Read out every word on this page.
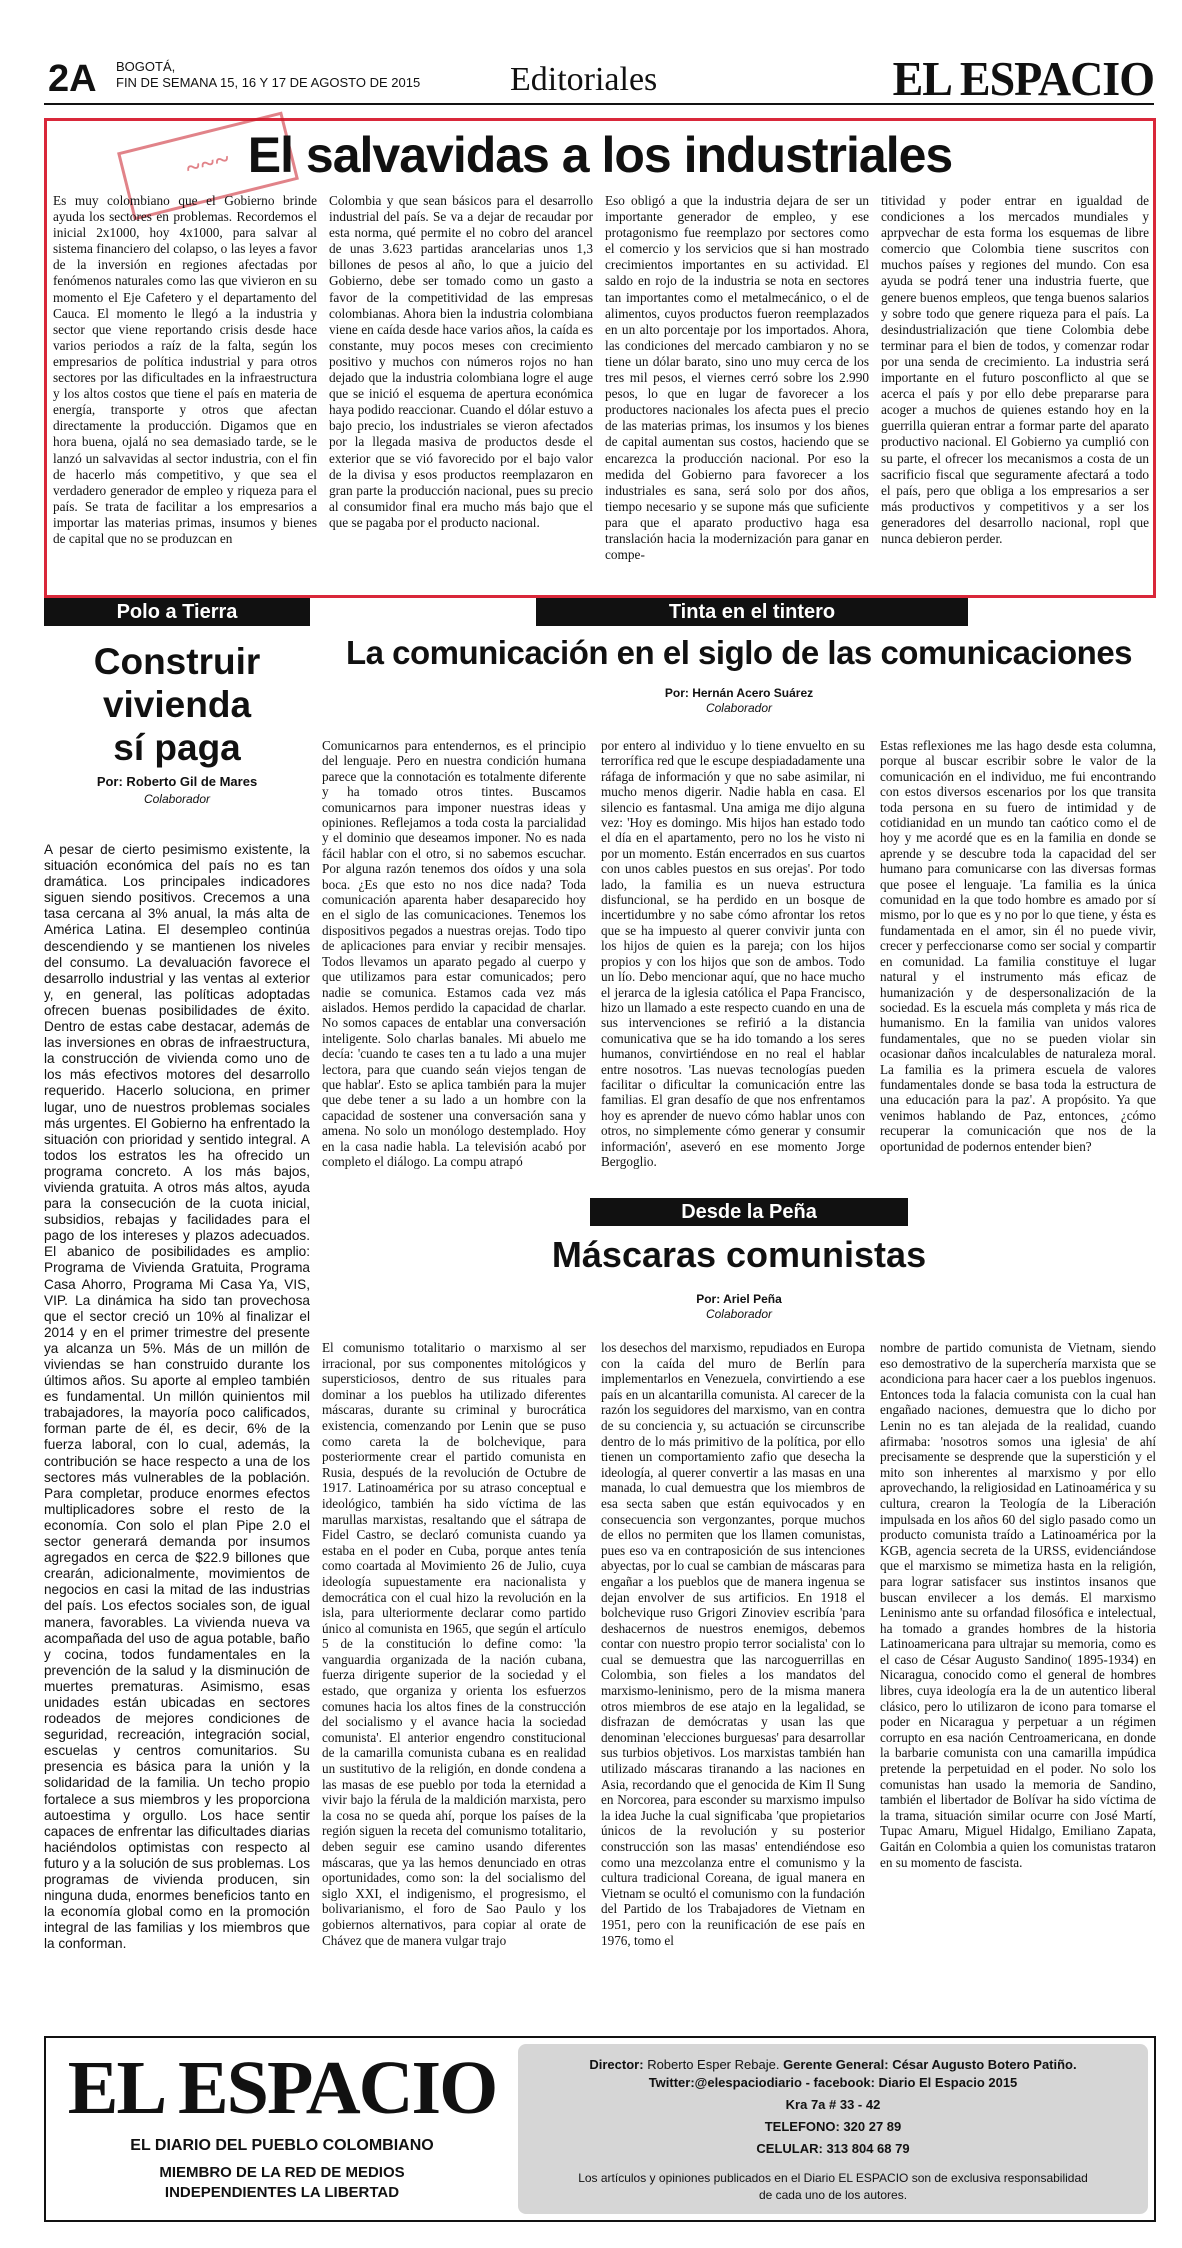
2A BOGOTÁ,
FIN DE SEMANA 15, 16 Y 17 DE AGOSTO DE 2015	Editoriales	EL ESPACIO
~~~ El salvavidas a los industriales
Es muy colombiano que el Gobierno brinde ayuda los sectores en problemas. Recordemos el inicial 2x1000, hoy 4x1000, para salvar al sistema financiero del colapso, o las leyes a favor de la inversión en regiones afectadas por fenómenos naturales como las que vivieron en su momento el Eje Cafetero y el departamento del Cauca. El momento le llegó a la industria y sector que viene reportando crisis desde hace varios periodos a raíz de la falta, según los empresarios de política industrial y para otros sectores por las dificultades en la infraestructura y los altos costos que tiene el país en materia de energía, transporte y otros que afectan directamente la producción. Digamos que en hora buena, ojalá no sea demasiado tarde, se le lanzó un salvavidas al sector industria, con el fin de hacerlo más competitivo, y que sea el verdadero generador de empleo y riqueza para el país. Se trata de facilitar a los empresarios a importar las materias primas, insumos y bienes de capital que no se produzcan en
Colombia y que sean básicos para el desarrollo industrial del país. Se va a dejar de recaudar por esta norma, qué permite el no cobro del arancel de unas 3.623 partidas arancelarias unos 1,3 billones de pesos al año, lo que a juicio del Gobierno, debe ser tomado como un gasto a favor de la competitividad de las empresas colombianas. Ahora bien la industria colombiana viene en caída desde hace varios años, la caída es constante, muy pocos meses con crecimiento positivo y muchos con números rojos no han dejado que la industria colombiana logre el auge que se inició el esquema de apertura económica haya podido reaccionar. Cuando el dólar estuvo a bajo precio, los industriales se vieron afectados por la llegada masiva de productos desde el exterior que se vió favorecido por el bajo valor de la divisa y esos productos reemplazaron en gran parte la producción nacional, pues su precio al consumidor final era mucho más bajo que el que se pagaba por el producto nacional.
Eso obligó a que la industria dejara de ser un importante generador de empleo, y ese protagonismo fue reemplazo por sectores como el comercio y los servicios que si han mostrado crecimientos importantes en su actividad. El saldo en rojo de la industria se nota en sectores tan importantes como el metalmecánico, o el de alimentos, cuyos productos fueron reemplazados en un alto porcentaje por los importados. Ahora, las condiciones del mercado cambiaron y no se tiene un dólar barato, sino uno muy cerca de los tres mil pesos, el viernes cerró sobre los 2.990 pesos, lo que en lugar de favorecer a los productores nacionales los afecta pues el precio de las materias primas, los insumos y los bienes de capital aumentan sus costos, haciendo que se encarezca la producción nacional. Por eso la medida del Gobierno para favorecer a los industriales es sana, será solo por dos años, tiempo necesario y se supone más que suficiente para que el aparato productivo haga esa translación hacia la modernización para ganar en compe-
titividad y poder entrar en igualdad de condiciones a los mercados mundiales y aprpvechar de esta forma los esquemas de libre comercio que Colombia tiene suscritos con muchos países y regiones del mundo. Con esa ayuda se podrá tener una industria fuerte, que genere buenos empleos, que tenga buenos salarios y sobre todo que genere riqueza para el país. La desindustrialización que tiene Colombia debe terminar para el bien de todos, y comenzar rodar por una senda de crecimiento. La industria será importante en el futuro posconflicto al que se acerca el país y por ello debe prepararse para acoger a muchos de quienes estando hoy en la guerrilla quieran entrar a formar parte del aparato productivo nacional. El Gobierno ya cumplió con su parte, el ofrecer los mecanismos a costa de un sacrificio fiscal que seguramente afectará a todo el país, pero que obliga a los empresarios a ser más productivos y competitivos y a ser los generadores del desarrollo nacional, ropl que nunca debieron perder.
Polo a Tierra
Construir
vivienda
sí paga
Por: Roberto Gil de Mares
Colaborador
A pesar de cierto pesimismo existente, la situación económica del país no es tan dramática. Los principales indicadores siguen siendo positivos. Crecemos a una tasa cercana al 3% anual, la más alta de América Latina. El desempleo continúa descendiendo y se mantienen los niveles del consumo. La devaluación favorece el desarrollo industrial y las ventas al exterior y, en general, las políticas adoptadas ofrecen buenas posibilidades de éxito. Dentro de estas cabe destacar, además de las inversiones en obras de infraestructura, la construcción de vivienda como uno de los más efectivos motores del desarrollo requerido. Hacerlo soluciona, en primer lugar, uno de nuestros problemas sociales más urgentes. El Gobierno ha enfrentado la situación con prioridad y sentido integral. A todos los estratos les ha ofrecido un programa concreto. A los más bajos, vivienda gratuita. A otros más altos, ayuda para la consecución de la cuota inicial, subsidios, rebajas y facilidades para el pago de los intereses y plazos adecuados. El abanico de posibilidades es amplio: Programa de Vivienda Gratuita, Programa Casa Ahorro, Programa Mi Casa Ya, VIS, VIP. La dinámica ha sido tan provechosa que el sector creció un 10% al finalizar el 2014 y en el primer trimestre del presente ya alcanza un 5%. Más de un millón de viviendas se han construido durante los últimos años. Su aporte al empleo también es fundamental. Un millón quinientos mil trabajadores, la mayoría poco calificados, forman parte de él, es decir, 6% de la fuerza laboral, con lo cual, además, la contribución se hace respecto a una de los sectores más vulnerables de la población. Para completar, produce enormes efectos multiplicadores sobre el resto de la economía. Con solo el plan Pipe 2.0 el sector generará demanda por insumos agregados en cerca de $22.9 billones que crearán, adicionalmente, movimientos de negocios en casi la mitad de las industrias del país. Los efectos sociales son, de igual manera, favorables. La vivienda nueva va acompañada del uso de agua potable, baño y cocina, todos fundamentales en la prevención de la salud y la disminución de muertes prematuras. Asimismo, esas unidades están ubicadas en sectores rodeados de mejores condiciones de seguridad, recreación, integración social, escuelas y centros comunitarios. Su presencia es básica para la unión y la solidaridad de la familia. Un techo propio fortalece a sus miembros y les proporciona autoestima y orgullo. Los hace sentir capaces de enfrentar las dificultades diarias haciéndolos optimistas con respecto al futuro y a la solución de sus problemas. Los programas de vivienda producen, sin ninguna duda, enormes beneficios tanto en la economía global como en la promoción integral de las familias y los miembros que la conforman.
Tinta en el tintero
La comunicación en el siglo de las comunicaciones
Por: Hernán Acero Suárez
Colaborador
Comunicarnos para entendernos, es el principio del lenguaje. Pero en nuestra condición humana parece que la connotación es totalmente diferente y ha tomado otros tintes. Buscamos comunicarnos para imponer nuestras ideas y opiniones. Reflejamos a toda costa la parcialidad y el dominio que deseamos imponer. No es nada fácil hablar con el otro, si no sabemos escuchar. Por alguna razón tenemos dos oídos y una sola boca. ¿Es que esto no nos dice nada? Toda comunicación aparenta haber desaparecido hoy en el siglo de las comunicaciones. Tenemos los dispositivos pegados a nuestras orejas. Todo tipo de aplicaciones para enviar y recibir mensajes. Todos llevamos un aparato pegado al cuerpo y que utilizamos para estar comunicados; pero nadie se comunica. Estamos cada vez más aislados. Hemos perdido la capacidad de charlar. No somos capaces de entablar una conversación inteligente. Solo charlas banales. Mi abuelo me decía: 'cuando te cases ten a tu lado a una mujer lectora, para que cuando seán viejos tengan de que hablar'. Esto se aplica también para la mujer que debe tener a su lado a un hombre con la capacidad de sostener una conversación sana y amena. No solo un monólogo destemplado. Hoy en la casa nadie habla. La televisión acabó por completo el diálogo. La compu atrapó
por entero al individuo y lo tiene envuelto en su terrorífica red que le escupe despiadadamente una ráfaga de información y que no sabe asimilar, ni mucho menos digerir. Nadie habla en casa. El silencio es fantasmal. Una amiga me dijo alguna vez: 'Hoy es domingo. Mis hijos han estado todo el día en el apartamento, pero no los he visto ni por un momento. Están encerrados en sus cuartos con unos cables puestos en sus orejas'. Por todo lado, la familia es un nueva estructura disfuncional, se ha perdido en un bosque de incertidumbre y no sabe cómo afrontar los retos que se ha impuesto al querer convivir junta con los hijos de quien es la pareja; con los hijos propios y con los hijos que son de ambos. Todo un lío. Debo mencionar aquí, que no hace mucho el jerarca de la iglesia católica el Papa Francisco, hizo un llamado a este respecto cuando en una de sus intervenciones se refirió a la distancia comunicativa que se ha ido tomando a los seres humanos, convirtiéndose en no real el hablar entre nosotros. 'Las nuevas tecnologías pueden facilitar o dificultar la comunicación entre las familias. El gran desafío de que nos enfrentamos hoy es aprender de nuevo cómo hablar unos con otros, no simplemente cómo generar y consumir información', aseveró en ese momento Jorge Bergoglio.
Estas reflexiones me las hago desde esta columna, porque al buscar escribir sobre le valor de la comunicación en el individuo, me fui encontrando con estos diversos escenarios por los que transita toda persona en su fuero de intimidad y de cotidianidad en un mundo tan caótico como el de hoy y me acordé que es en la familia en donde se aprende y se descubre toda la capacidad del ser humano para comunicarse con las diversas formas que posee el lenguaje. 'La familia es la única comunidad en la que todo hombre es amado por sí mismo, por lo que es y no por lo que tiene, y ésta es fundamentada en el amor, sin él no puede vivir, crecer y perfeccionarse como ser social y compartir en comunidad. La familia constituye el lugar natural y el instrumento más eficaz de humanización y de despersonalización de la sociedad. Es la escuela más completa y más rica de humanismo. En la familia van unidos valores fundamentales, que no se pueden violar sin ocasionar daños incalculables de naturaleza moral. La familia es la primera escuela de valores fundamentales donde se basa toda la estructura de una educación para la paz'. A propósito. Ya que venimos hablando de Paz, entonces, ¿cómo recuperar la comunicación que nos de la oportunidad de podernos entender bien?
Desde la Peña
Máscaras comunistas
Por: Ariel Peña
Colaborador
El comunismo totalitario o marxismo al ser irracional, por sus componentes mitológicos y supersticiosos, dentro de sus rituales para dominar a los pueblos ha utilizado diferentes máscaras, durante su criminal y burocrática existencia, comenzando por Lenin que se puso como careta la de bolchevique, para posteriormente crear el partido comunista en Rusia, después de la revolución de Octubre de 1917. Latinoamérica por su atraso conceptual e ideológico, también ha sido víctima de las marullas marxistas, resaltando que el sátrapa de Fidel Castro, se declaró comunista cuando ya estaba en el poder en Cuba, porque antes tenía como coartada al Movimiento 26 de Julio, cuya ideología supuestamente era nacionalista y democrática con el cual hizo la revolución en la isla, para ulteriormente declarar como partido único al comunista en 1965, que según el artículo 5 de la constitución lo define como: 'la vanguardia organizada de la nación cubana, fuerza dirigente superior de la sociedad y el estado, que organiza y orienta los esfuerzos comunes hacia los altos fines de la construcción del socialismo y el avance hacia la sociedad comunista'. El anterior engendro constitucional de la camarilla comunista cubana es en realidad un sustitutivo de la religión, en donde condena a las masas de ese pueblo por toda la eternidad a vivir bajo la férula de la maldición marxista, pero la cosa no se queda ahí, porque los países de la región siguen la receta del comunismo totalitario, deben seguir ese camino usando diferentes máscaras, que ya las hemos denunciado en otras oportunidades, como son: la del socialismo del siglo XXI, el indigenismo, el progresismo, el bolivarianismo, el foro de Sao Paulo y los gobiernos alternativos, para copiar al orate de Chávez que de manera vulgar trajo
los desechos del marxismo, repudiados en Europa con la caída del muro de Berlín para implementarlos en Venezuela, convirtiendo a ese país en un alcantarilla comunista. Al carecer de la razón los seguidores del marxismo, van en contra de su conciencia y, su actuación se circunscribe dentro de lo más primitivo de la política, por ello tienen un comportamiento zafio que desecha la ideología, al querer convertir a las masas en una manada, lo cual demuestra que los miembros de esa secta saben que están equivocados y en consecuencia son vergonzantes, porque muchos de ellos no permiten que los llamen comunistas, pues eso va en contraposición de sus intenciones abyectas, por lo cual se cambian de máscaras para engañar a los pueblos que de manera ingenua se dejan envolver de sus artificios. En 1918 el bolchevique ruso Grigori Zinoviev escribía 'para deshacernos de nuestros enemigos, debemos contar con nuestro propio terror socialista' con lo cual se demuestra que las narcoguerrillas en Colombia, son fieles a los mandatos del marxismo-leninismo, pero de la misma manera otros miembros de ese atajo en la legalidad, se disfrazan de demócratas y usan las que denominan 'elecciones burguesas' para desarrollar sus turbios objetivos. Los marxistas también han utilizado máscaras tiranando a las naciones en Asia, recordando que el genocida de Kim Il Sung en Norcorea, para esconder su marxismo impulso la idea Juche la cual significaba 'que propietarios únicos de la revolución y su posterior construcción son las masas' entendiéndose eso como una mezcolanza entre el comunismo y la cultura tradicional Coreana, de igual manera en Vietnam se ocultó el comunismo con la fundación del Partido de los Trabajadores de Vietnam en 1951, pero con la reunificación de ese país en 1976, tomo el
nombre de partido comunista de Vietnam, siendo eso demostrativo de la superchería marxista que se acondiciona para hacer caer a los pueblos ingenuos. Entonces toda la falacia comunista con la cual han engañado naciones, demuestra que lo dicho por Lenin no es tan alejada de la realidad, cuando afirmaba: 'nosotros somos una iglesia' de ahí precisamente se desprende que la superstición y el mito son inherentes al marxismo y por ello aprovechando, la religiosidad en Latinoamérica y su cultura, crearon la Teología de la Liberación impulsada en los años 60 del siglo pasado como un producto comunista traído a Latinoamérica por la KGB, agencia secreta de la URSS, evidenciándose que el marxismo se mimetiza hasta en la religión, para lograr satisfacer sus instintos insanos que buscan envilecer a los demás. El marxismo Leninismo ante su orfandad filosófica e intelectual, ha tomado a grandes hombres de la historia Latinoamericana para ultrajar su memoria, como es el caso de César Augusto Sandino( 1895-1934) en Nicaragua, conocido como el general de hombres libres, cuya ideología era la de un autentico liberal clásico, pero lo utilizaron de icono para tomarse el poder en Nicaragua y perpetuar a un régimen corrupto en esa nación Centroamericana, en donde la barbarie comunista con una camarilla impúdica pretende la perpetuidad en el poder. No solo los comunistas han usado la memoria de Sandino, también el libertador de Bolívar ha sido víctima de la trama, situación similar ocurre con José Martí, Tupac Amaru, Miguel Hidalgo, Emiliano Zapata, Gaitán en Colombia a quien los comunistas trataron en su momento de fascista.
EL ESPACIO
EL DIARIO DEL PUEBLO COLOMBIANO
MIEMBRO DE LA RED DE MEDIOS
INDEPENDIENTES LA LIBERTAD
Director: Roberto Esper Rebaje. Gerente General: César Augusto Botero Patiño.
Twitter:@elespaciodiario - facebook: Diario El Espacio 2015
Kra 7a # 33 - 42
TELEFONO: 320 27 89
CELULAR: 313 804 68 79
Los artículos y opiniones publicados en el Diario EL ESPACIO son de exclusiva responsabilidad
de cada uno de los autores.
